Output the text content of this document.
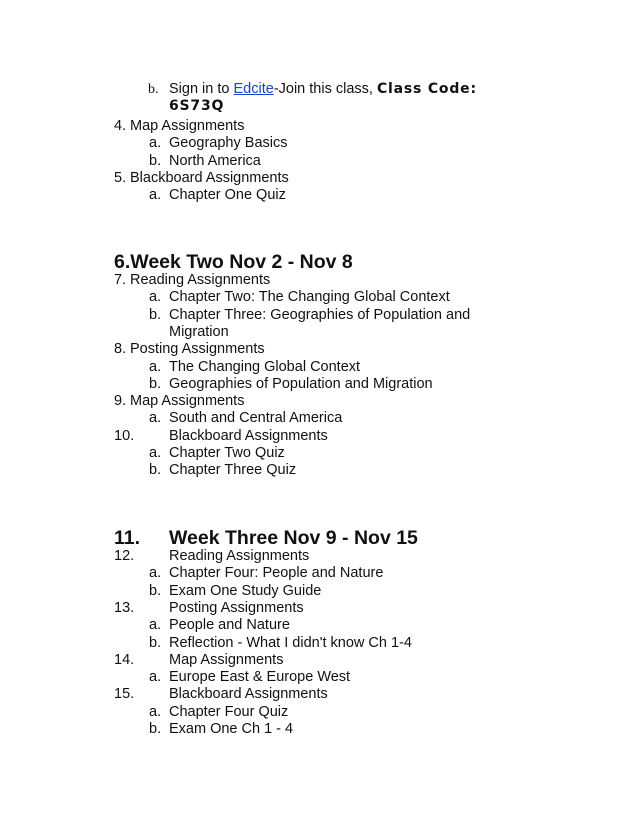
b. Sign in to Edcite-Join this class, Class Code:
6S73Q
4. Map Assignments
a. Geography Basics
b. North America
5. Blackboard Assignments
a. Chapter One Quiz
6.Week Two Nov 2 - Nov 8
7. Reading Assignments
a. Chapter Two: The Changing Global Context
b. Chapter Three: Geographies of Population and
Migration
8. Posting Assignments
a. The Changing Global Context
b. Geographies of Population and Migration
9. Map Assignments
a. South and Central America
10. Blackboard Assignments
a. Chapter Two Quiz
b. Chapter Three Quiz
11. Week Three Nov 9 - Nov 15
12. Reading Assignments
a. Chapter Four: People and Nature
b. Exam One Study Guide
13. Posting Assignments
a. People and Nature
b. Reflection - What I didn't know Ch 1-4
14. Map Assignments
a. Europe East & Europe West
15. Blackboard Assignments
a. Chapter Four Quiz
b. Exam One Ch 1 - 4
